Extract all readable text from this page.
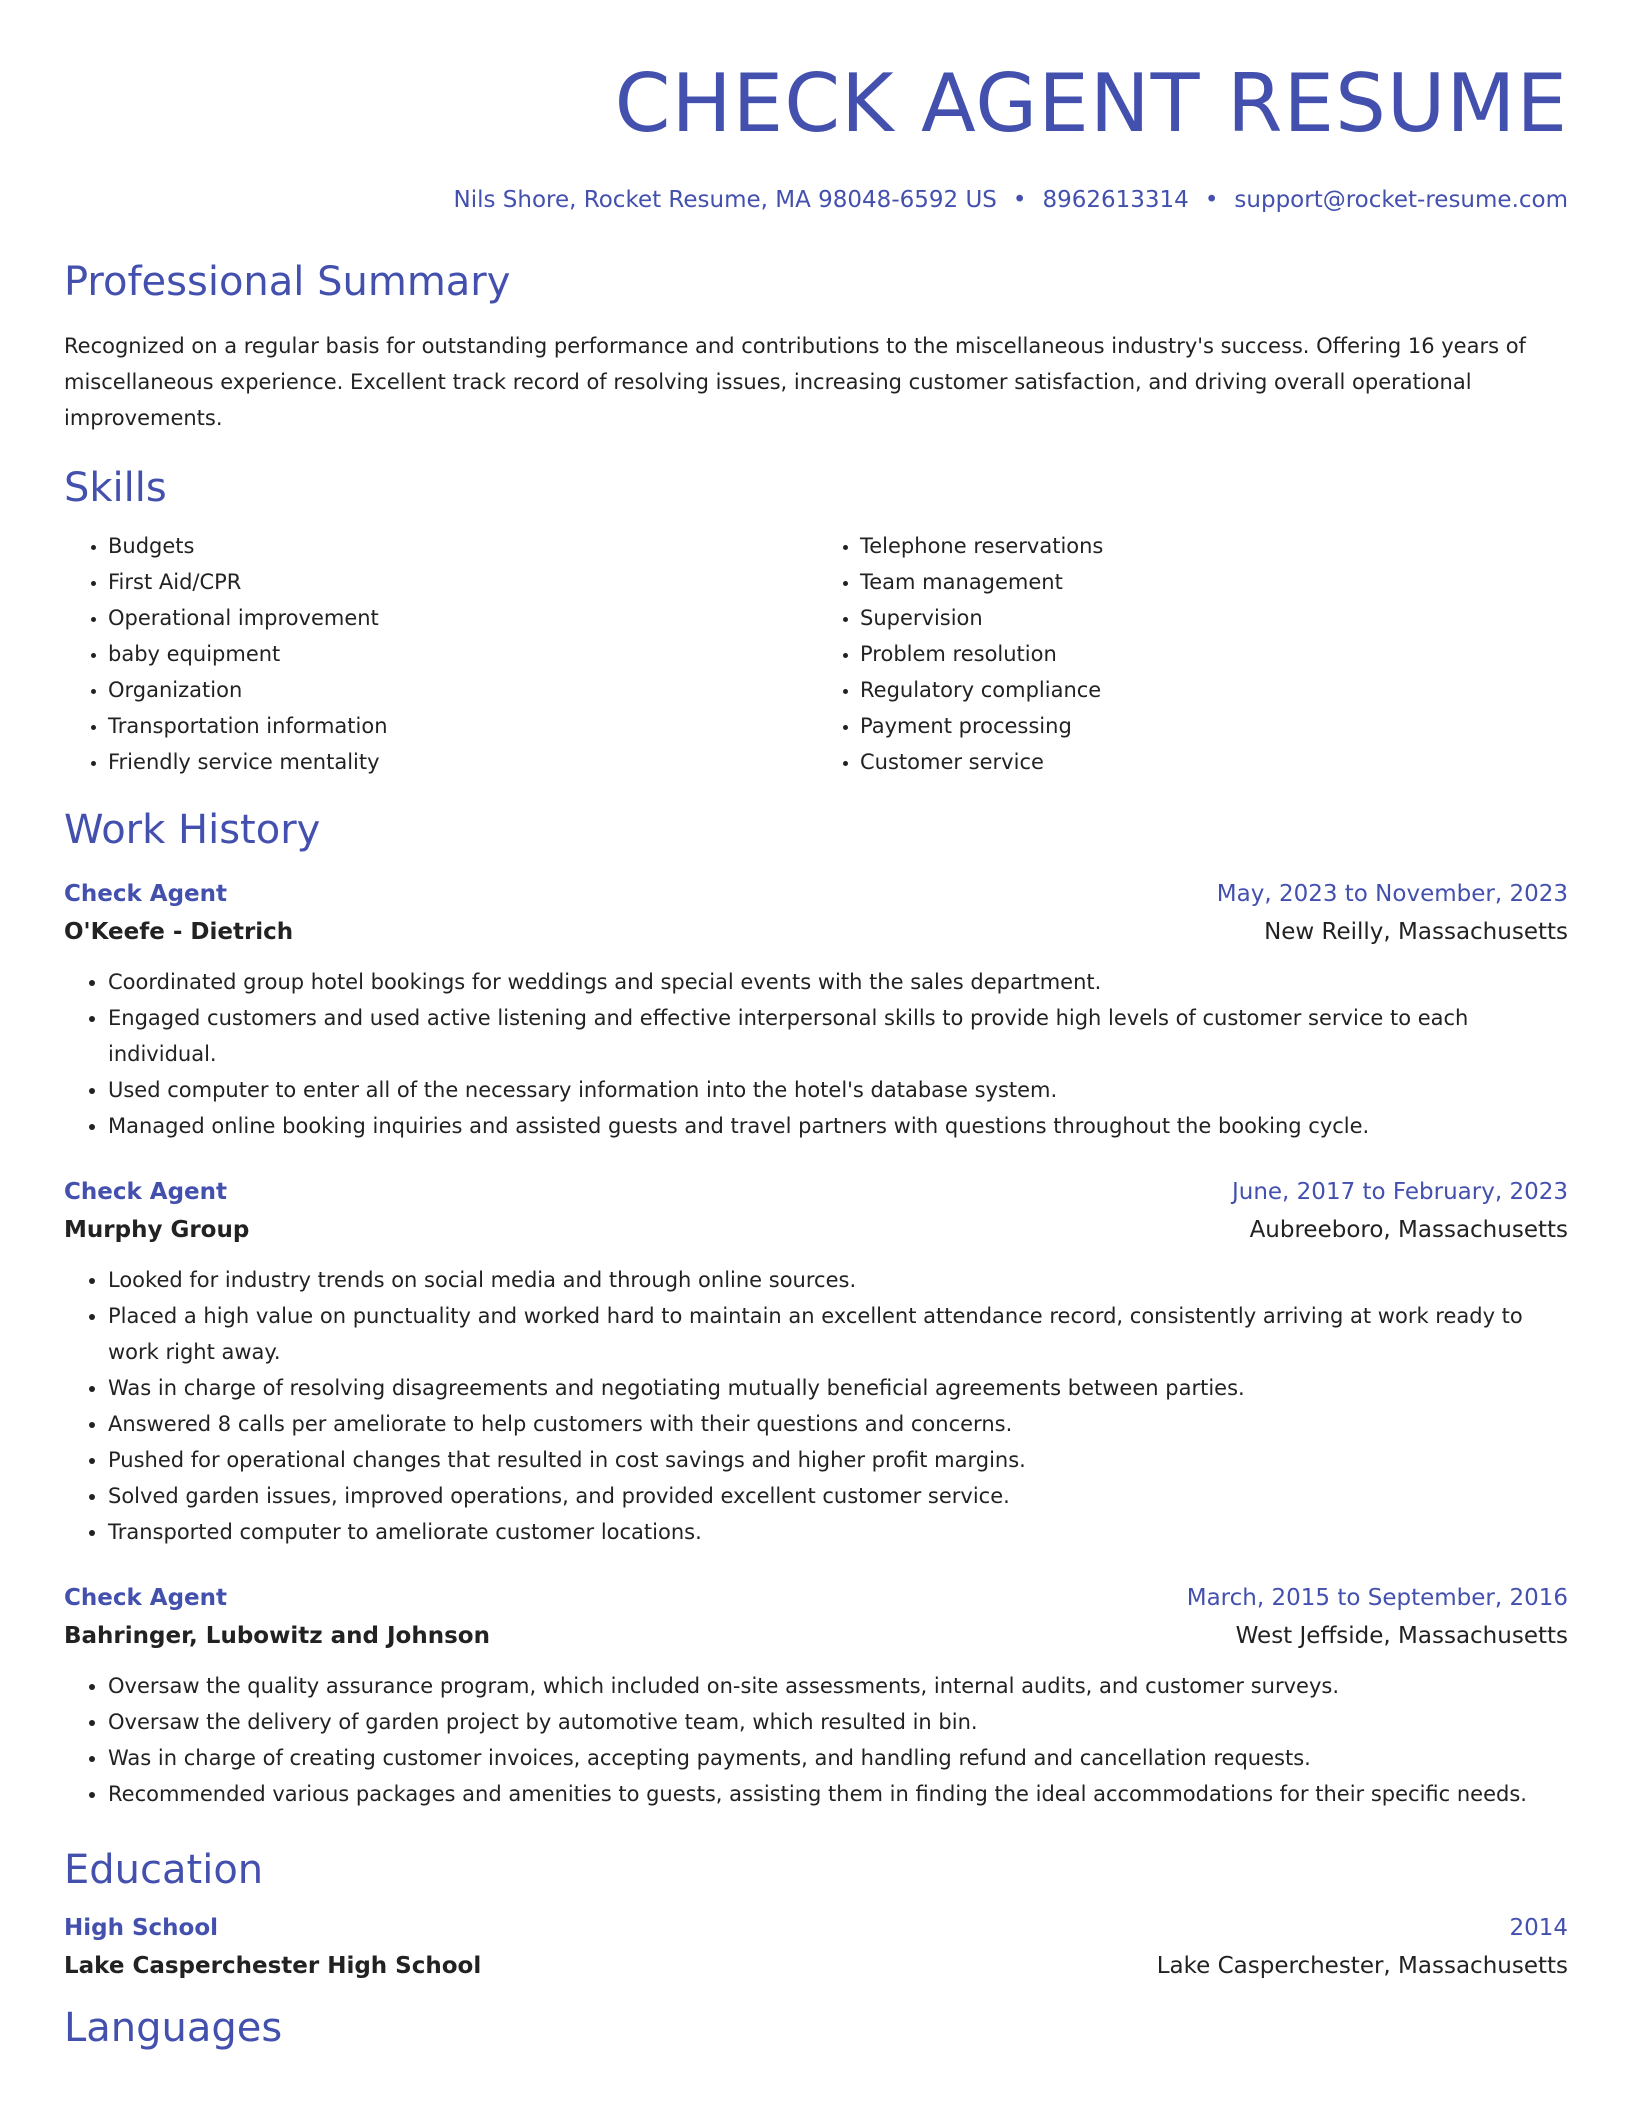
CHECK AGENT RESUME
Nils Shore, Rocket Resume, MA 98048-6592 US • 8962613314 • support@rocket-resume.com
Professional Summary
Recognized on a regular basis for outstanding performance and contributions to the miscellaneous industry's success. Offering 16 years of miscellaneous experience. Excellent track record of resolving issues, increasing customer satisfaction, and driving overall operational improvements.
Skills
• Budgets
• First Aid/CPR
• Operational improvement
• baby equipment
• Organization
• Transportation information
• Friendly service mentality
• Telephone reservations
• Team management
• Supervision
• Problem resolution
• Regulatory compliance
• Payment processing
• Customer service
Work History
Check Agent	May, 2023 to November, 2023
O'Keefe - Dietrich	New Reilly, Massachusetts
• Coordinated group hotel bookings for weddings and special events with the sales department.
• Engaged customers and used active listening and effective interpersonal skills to provide high levels of customer service to each individual.
• Used computer to enter all of the necessary information into the hotel's database system.
• Managed online booking inquiries and assisted guests and travel partners with questions throughout the booking cycle.
Check Agent	June, 2017 to February, 2023
Murphy Group	Aubreeboro, Massachusetts
• Looked for industry trends on social media and through online sources.
• Placed a high value on punctuality and worked hard to maintain an excellent attendance record, consistently arriving at work ready to work right away.
• Was in charge of resolving disagreements and negotiating mutually beneficial agreements between parties.
• Answered 8 calls per ameliorate to help customers with their questions and concerns.
• Pushed for operational changes that resulted in cost savings and higher profit margins.
• Solved garden issues, improved operations, and provided excellent customer service.
• Transported computer to ameliorate customer locations.
Check Agent	March, 2015 to September, 2016
Bahringer, Lubowitz and Johnson	West Jeffside, Massachusetts
• Oversaw the quality assurance program, which included on-site assessments, internal audits, and customer surveys.
• Oversaw the delivery of garden project by automotive team, which resulted in bin.
• Was in charge of creating customer invoices, accepting payments, and handling refund and cancellation requests.
• Recommended various packages and amenities to guests, assisting them in finding the ideal accommodations for their specific needs.
Education
High School	2014
Lake Casperchester High School	Lake Casperchester, Massachusetts
Languages
